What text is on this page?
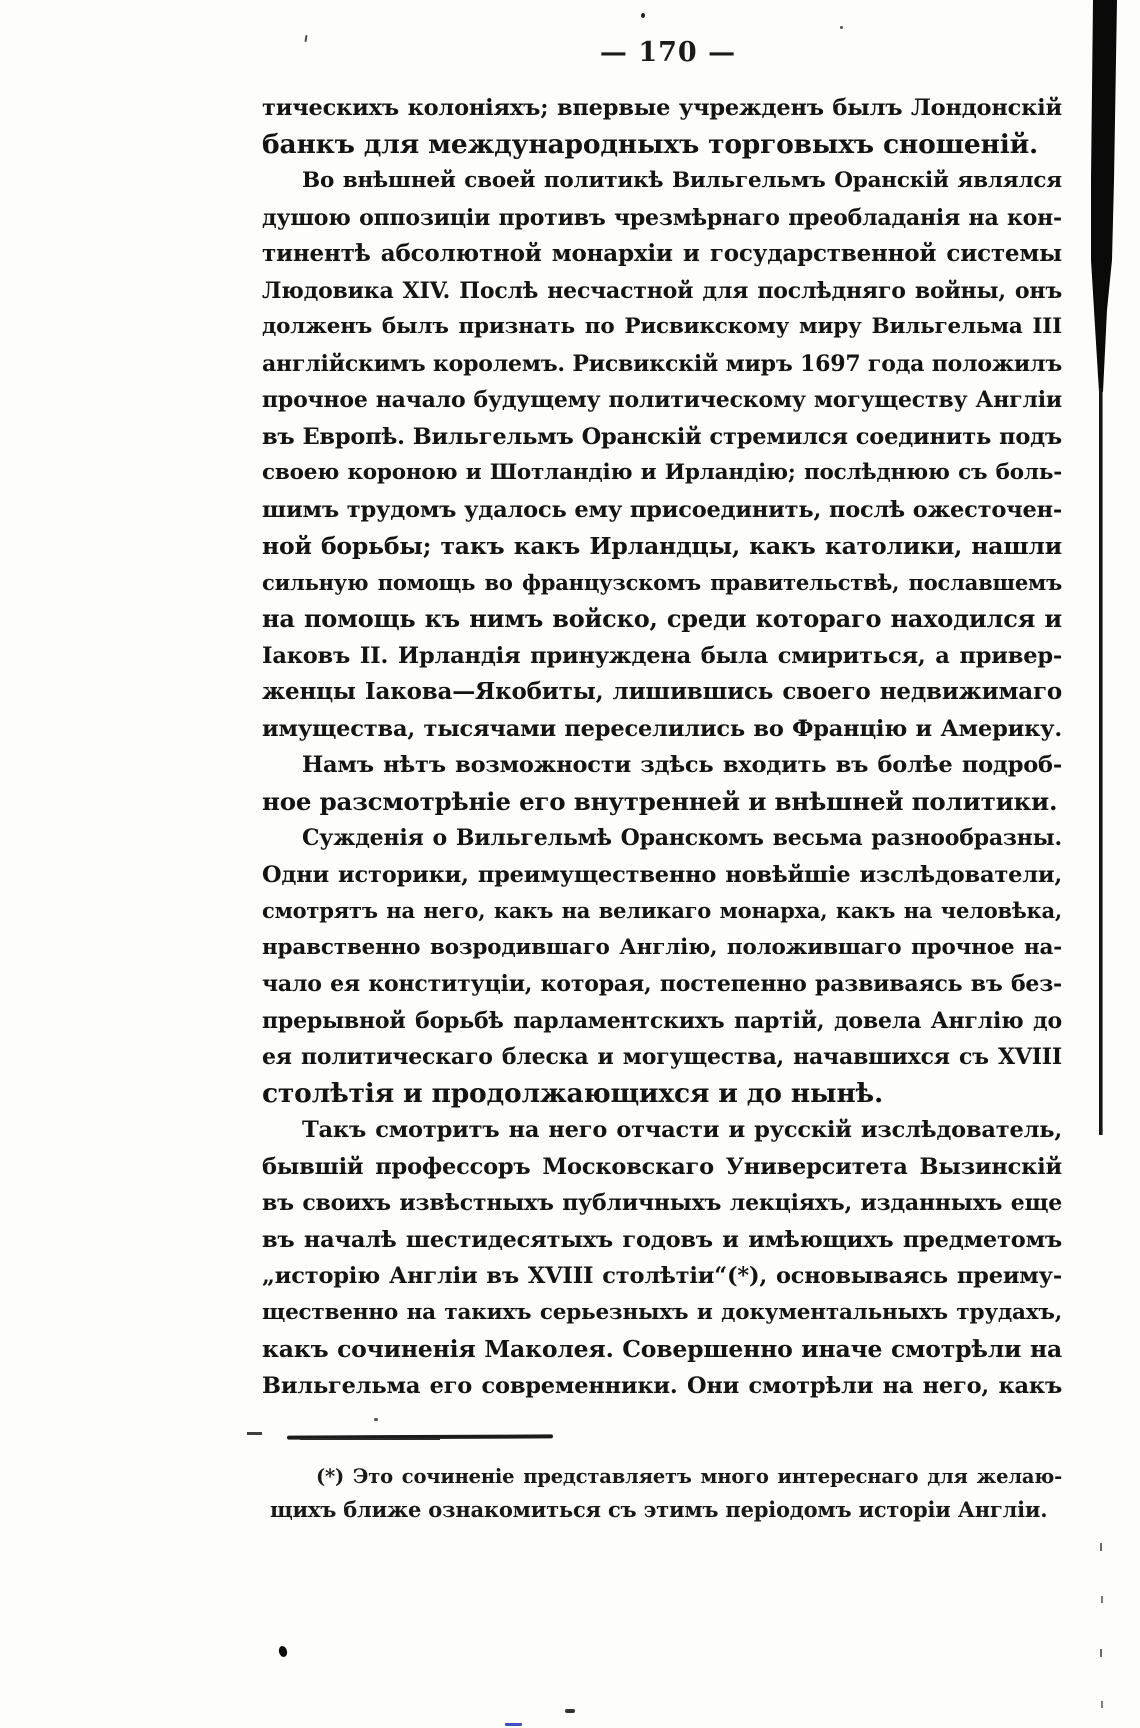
— 170 —
тическихъ колоніяхъ; впервые учрежденъ былъ Лондонскій
банкъ для международныхъ торговыхъ сношеній.
Во внѣшней своей политикѣ Вильгельмъ Оранскій являлся
душою оппозиціи противъ чрезмѣрнаго преобладанія на кон-
тинентѣ абсолютной монархіи и государственной системы
Людовика XIV. Послѣ несчастной для послѣдняго войны, онъ
долженъ былъ признать по Рисвикскому миру Вильгельма III
англійскимъ королемъ. Рисвикскій миръ 1697 года положилъ
прочное начало будущему политическому могуществу Англіи
въ Европѣ. Вильгельмъ Оранскій стремился соединить подъ
своею короною и Шотландію и Ирландію; послѣднюю съ боль-
шимъ трудомъ удалось ему присоединить, послѣ ожесточен-
ной борьбы; такъ какъ Ирландцы, какъ католики, нашли
сильную помощь во французскомъ правительствѣ, пославшемъ
на помощь къ нимъ войско, среди котораго находился и
Іаковъ II. Ирландія принуждена была смириться, а привер-
женцы Іакова—Якобиты, лишившись своего недвижимаго
имущества, тысячами переселились во Францію и Америку.
Намъ нѣтъ возможности здѣсь входить въ болѣе подроб-
ное разсмотрѣніе его внутренней и внѣшней политики.
Сужденія о Вильгельмѣ Оранскомъ весьма разнообразны.
Одни историки, преимущественно новѣйшіе изслѣдователи,
смотрятъ на него, какъ на великаго монарха, какъ на человѣка,
нравственно возродившаго Англію, положившаго прочное на-
чало ея конституціи, которая, постепенно развиваясь въ без-
прерывной борьбѣ парламентскихъ партій, довела Англію до
ея политическаго блеска и могущества, начавшихся съ XVIII
столѣтія и продолжающихся и до нынѣ.
Такъ смотритъ на него отчасти и русскій изслѣдователь,
бывшій профессоръ Московскаго Университета Вызинскій
въ своихъ извѣстныхъ публичныхъ лекціяхъ, изданныхъ еще
въ началѣ шестидесятыхъ годовъ и имѣющихъ предметомъ
„исторію Англіи въ XVIII столѣтіи“(*), основываясь преиму-
щественно на такихъ серьезныхъ и документальныхъ трудахъ,
какъ сочиненія Маколея. Совершенно иначе смотрѣли на
Вильгельма его современники. Они смотрѣли на него, какъ
(*) Это сочиненіе представляетъ много интереснаго для желаю-
щихъ ближе ознакомиться съ этимъ періодомъ исторіи Англіи.
